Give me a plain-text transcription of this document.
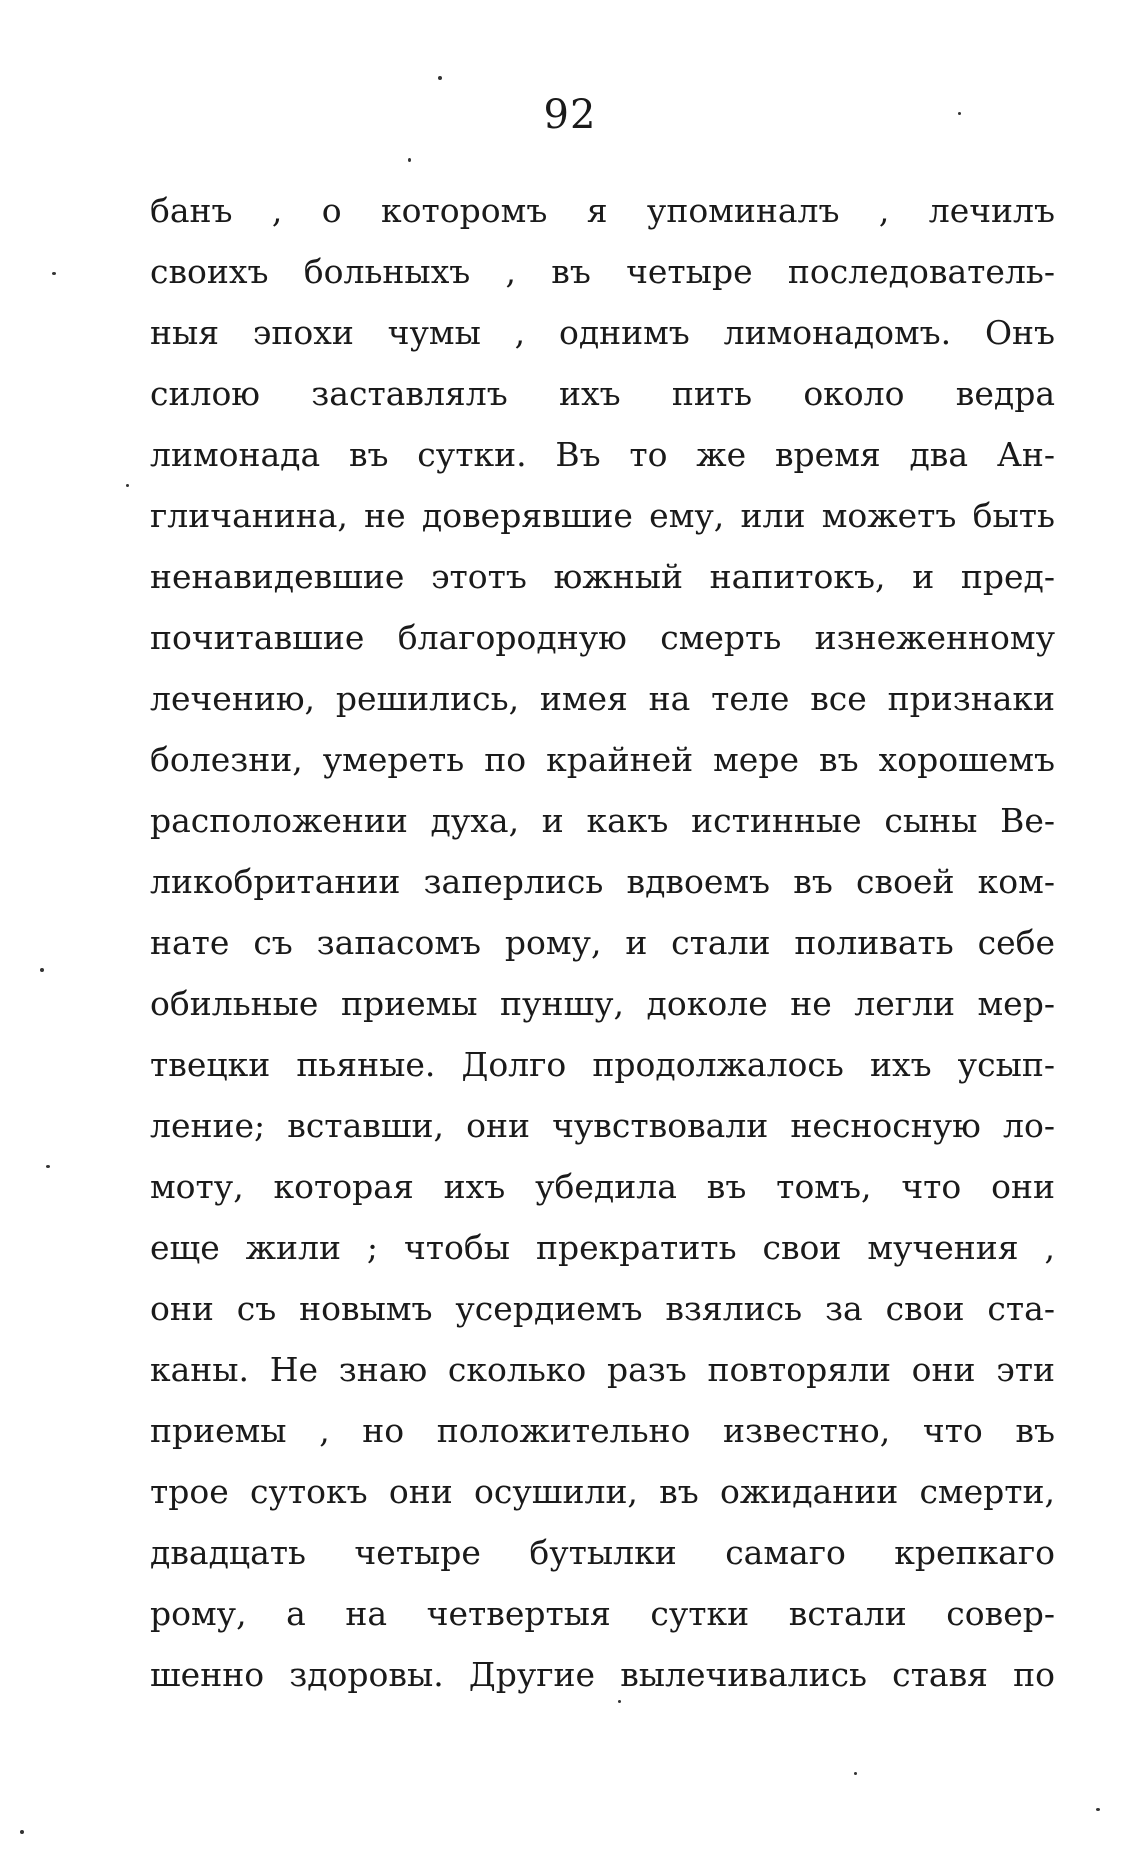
92
банъ , о которомъ я упоминалъ , лечилъ
своихъ больныхъ , въ четыре последователь-
ныя эпохи чумы , однимъ лимонадомъ. Онъ
силою заставлялъ ихъ пить около ведра
лимонада въ сутки. Въ то же время два Ан-
гличанина, не доверявшие ему, или можетъ быть
ненавидевшие этотъ южный напитокъ, и пред-
почитавшие благородную смерть изнеженному
лечению, решились, имея на теле все признаки
болезни, умереть по крайней мере въ хорошемъ
расположении духа, и какъ истинные сыны Ве-
ликобритании заперлись вдвоемъ въ своей ком-
нате съ запасомъ рому, и стали поливать себе
обильные приемы пуншу, доколе не легли мер-
твецки пьяные. Долго продолжалось ихъ усып-
ление; вставши, они чувствовали несносную ло-
моту, которая ихъ убедила въ томъ, что они
еще жили ; чтобы прекратить свои мучения ,
они съ новымъ усердиемъ взялись за свои ста-
каны. Не знаю сколько разъ повторяли они эти
приемы , но положительно известно, что въ
трое сутокъ они осушили, въ ожидании смерти,
двадцать четыре бутылки самаго крепкаго
рому, а на четвертыя сутки встали совер-
шенно здоровы. Другие вылечивались ставя по
